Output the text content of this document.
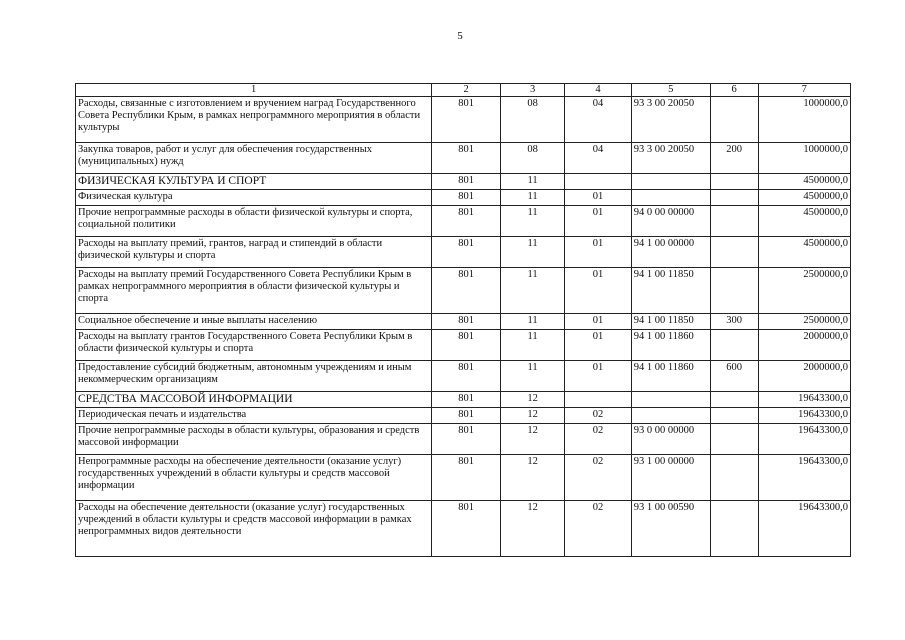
5
1	2	3	4	5	6	7
Расходы, связанные с изготовлением и вручением наград Государственного Совета Республики Крым, в рамках непрограммного мероприятия в области культуры	801	08	04	93 3 00 20050		1000000,0
Закупка товаров, работ и услуг для обеспечения государственных (муниципальных) нужд	801	08	04	93 3 00 20050	200	1000000,0
ФИЗИЧЕСКАЯ КУЛЬТУРА И СПОРТ	801	11				4500000,0
Физическая культура	801	11	01			4500000,0
Прочие непрограммные расходы в области физической культуры и спорта, социальной политики	801	11	01	94 0 00 00000		4500000,0
Расходы на выплату премий, грантов, наград и стипендий в области физической культуры и спорта	801	11	01	94 1 00 00000		4500000,0
Расходы на выплату премий Государственного Совета Республики Крым в рамках непрограммного мероприятия в области физической культуры и спорта	801	11	01	94 1 00 11850		2500000,0
Социальное обеспечение и иные выплаты населению	801	11	01	94 1 00 11850	300	2500000,0
Расходы на выплату грантов Государственного Совета Республики Крым в области физической культуры и спорта	801	11	01	94 1 00 11860		2000000,0
Предоставление субсидий бюджетным, автономным учреждениям и иным некоммерческим организациям	801	11	01	94 1 00 11860	600	2000000,0
СРЕДСТВА МАССОВОЙ ИНФОРМАЦИИ	801	12				19643300,0
Периодическая печать и издательства	801	12	02			19643300,0
Прочие непрограммные расходы в области культуры, образования и средств массовой информации	801	12	02	93 0 00 00000		19643300,0
Непрограммные расходы на обеспечение деятельности (оказание услуг) государственных учреждений в области культуры и средств массовой информации	801	12	02	93 1 00 00000		19643300,0
Расходы на обеспечение деятельности (оказание услуг) государственных учреждений в области культуры и средств массовой информации в рамках непрограммных видов деятельности	801	12	02	93 1 00 00590		19643300,0
